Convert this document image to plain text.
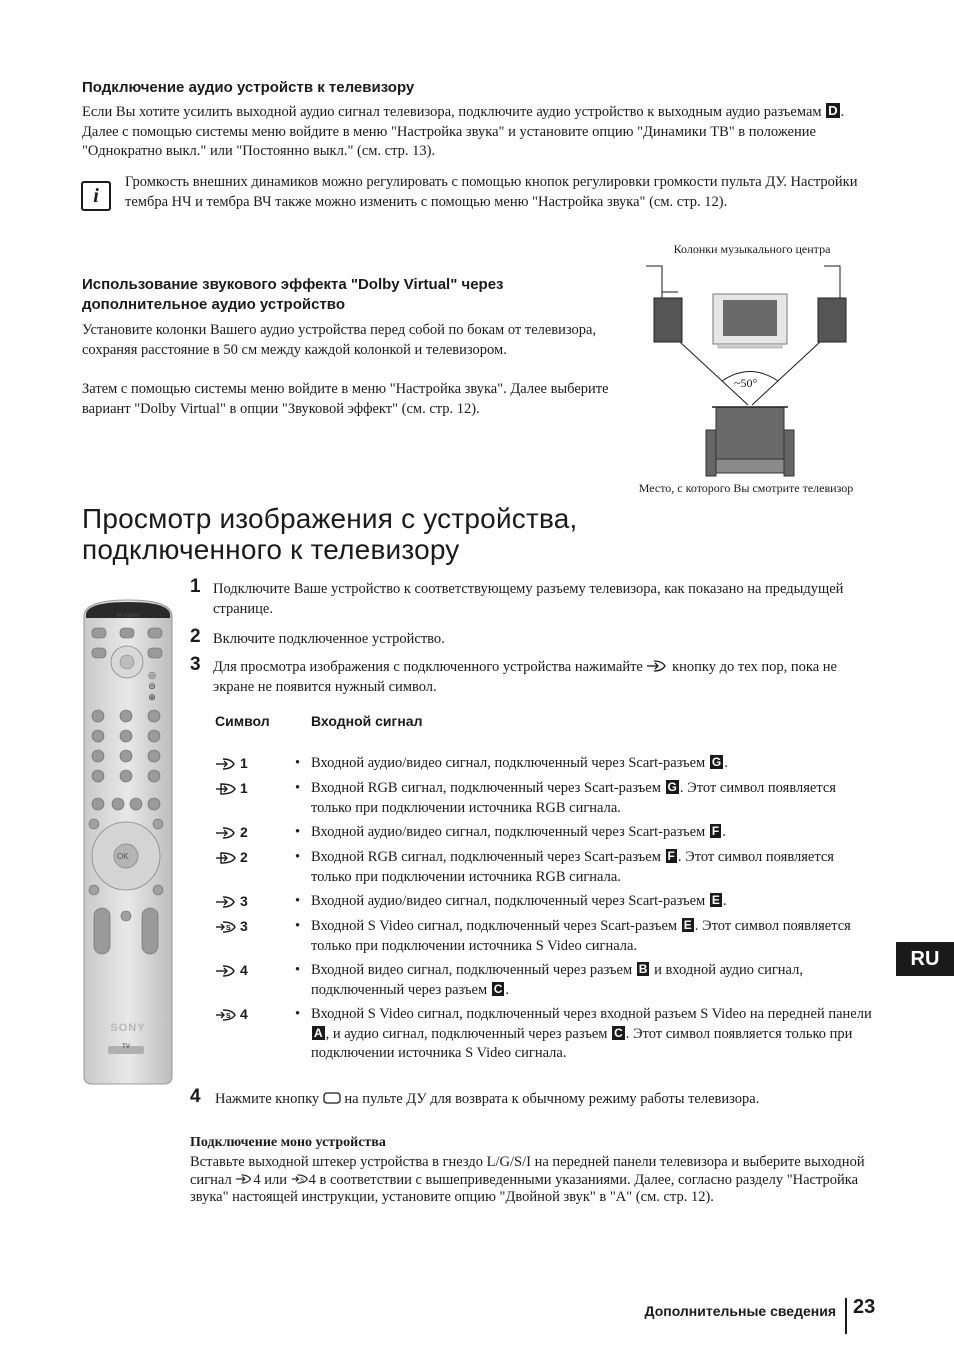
Подключение аудио устройств к телевизору
Если Вы хотите усилить выходной аудио сигнал телевизора, подключите аудио устройство к выходным аудио разъемам D . Далее с помощью системы меню войдите в меню "Настройка звука" и установите опцию "Динамики ТВ" в положение "Однократно выкл." или "Постоянно выкл." (см. стр. 13).
i
Громкость внешних динамиков можно регулировать с помощью кнопок регулировки громкости пульта ДУ. Настройки тембра НЧ и тембра ВЧ также можно изменить с помощью меню "Настройка звука" (см. стр. 12).
Использование звукового эффекта "Dolby Virtual" через дополнительное аудио устройство
Установите колонки Вашего аудио устройства перед собой по бокам от телевизора, сохраняя расстояние в 50 см между каждой колонкой и телевизором.
Затем с помощью системы меню войдите в меню "Настройка звука". Далее выберите вариант "Dolby Virtual" в опции "Звуковой эффект" (см. стр. 12).
Колонки музыкального центра
~50°
Место, с которого Вы смотрите телевизор
Просмотр изображения с устройства, подключенного к телевизору
AV/VIDEO
OK
◎
⊜
⊕
SONY
TV
1 Подключите Ваше устройство к соответствующему разъему телевизора, как показано на предыдущей странице.
2 Включите подключенное устройство.
3 Для просмотра изображения с подключенного устройства нажимайте кнопку до тех пор, пока не экране не появится нужный символ.
Символ	Входной сигнал
1	• Входной аудио/видео сигнал, подключенный через Scart-разъем G .
1	• Входной RGB сигнал, подключенный через Scart-разъем G . Этот символ появляется только при подключении источника RGB сигнала.
2	• Входной аудио/видео сигнал, подключенный через Scart-разъем F .
2	• Входной RGB сигнал, подключенный через Scart-разъем F . Этот символ появляется только при подключении источника RGB сигнала.
3	• Входной аудио/видео сигнал, подключенный через Scart-разъем E .
S 3	• Входной S Video сигнал, подключенный через Scart-разъем E . Этот символ появляется только при подключении источника S Video сигнала.
4	• Входной видео сигнал, подключенный через разъем B и входной аудио сигнал, подключенный через разъем C .
S 4	• Входной S Video сигнал, подключенный через входной разъем S Video на передней панели A , и аудио сигнал, подключенный через разъем C . Этот символ появляется только при подключении источника S Video сигнала.
4 Нажмите кнопку на пульте ДУ для возврата к обычному режиму работы телевизора.
Подключение моно устройства
Вставьте выходной штекер устройства в гнездо L/G/S/I на передней панели телевизора и выберите выходной сигнал 4 или S 4 в соответствии с вышеприведенными указаниями. Далее, согласно разделу "Настройка звука" настоящей инструкции, установите опцию "Двойной звук" в "A" (см. стр. 12).
RU
Дополнительные сведения 23
